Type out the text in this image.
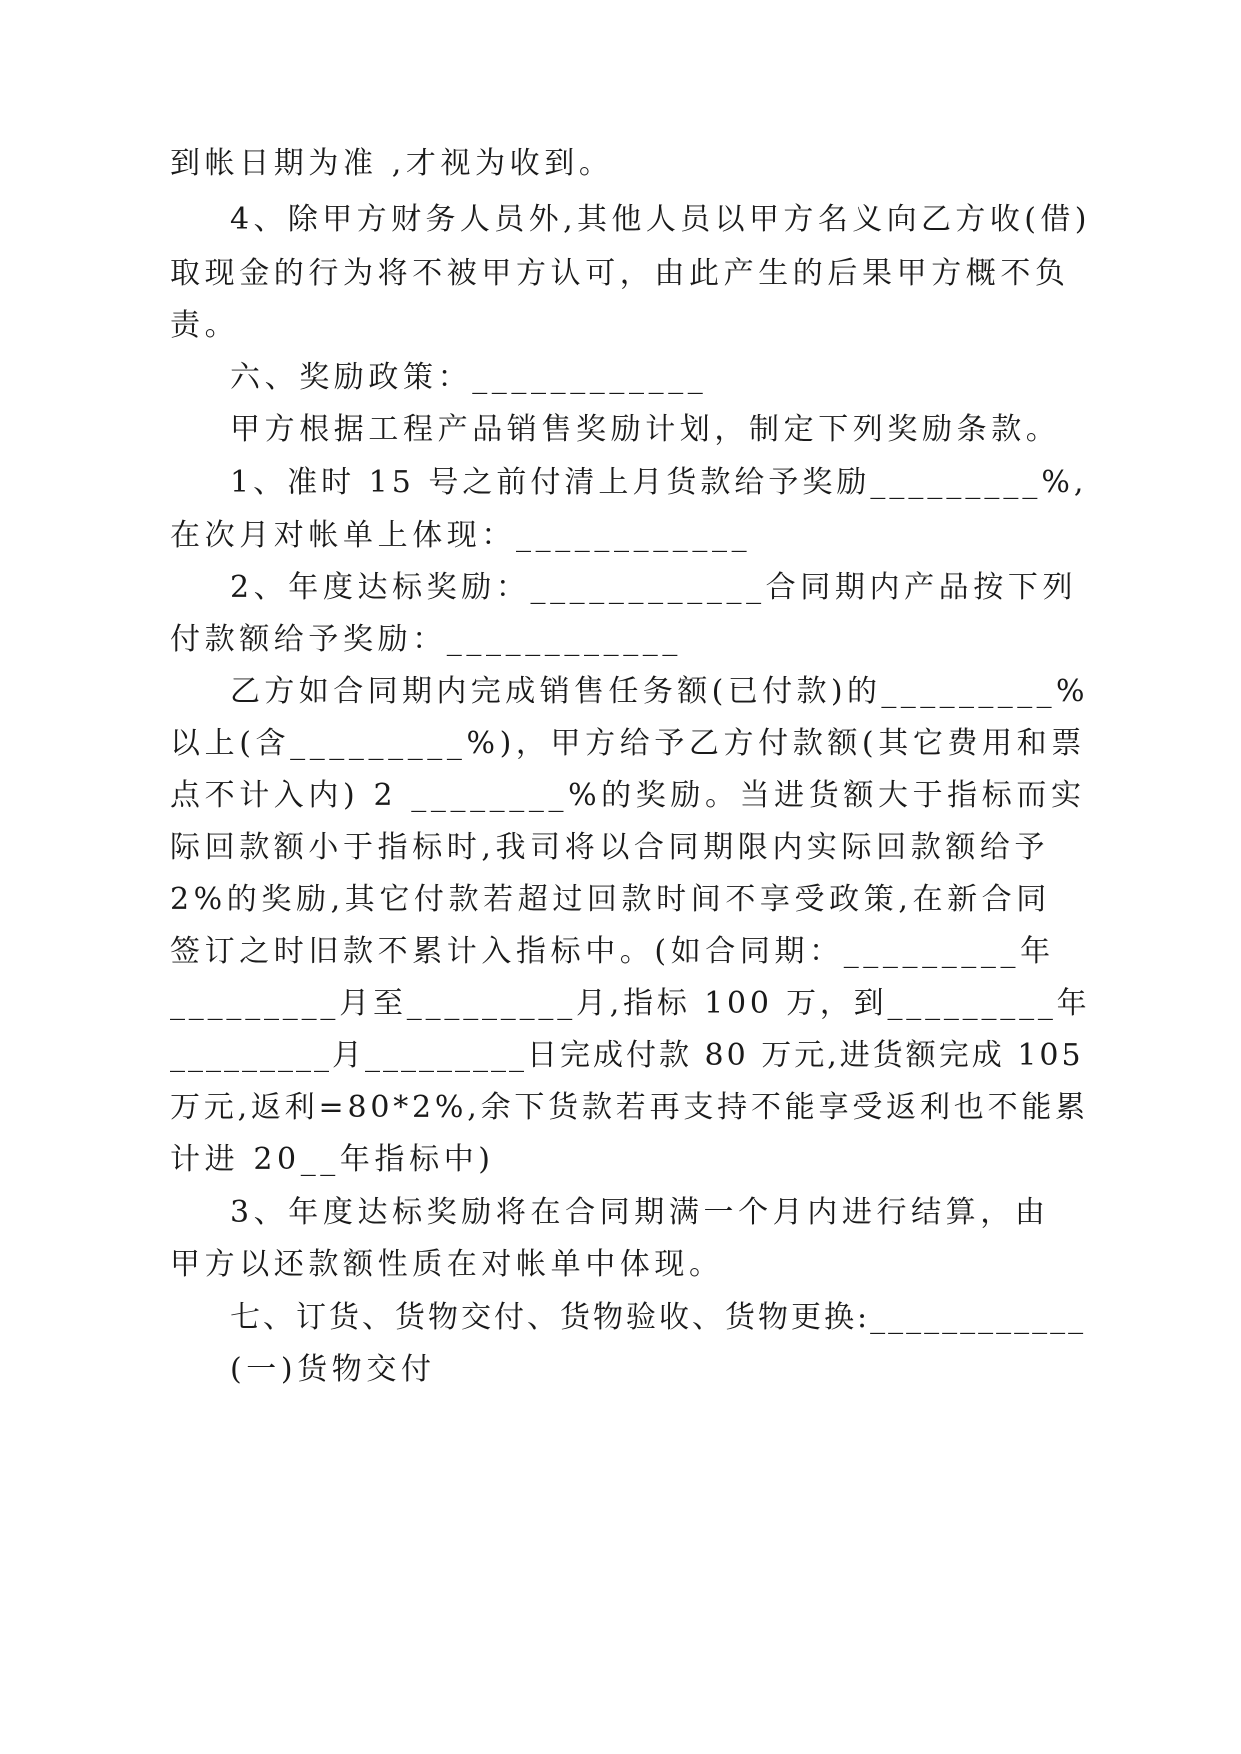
到帐日期为准 ,才视为收到。
4、除甲方财务人员外,其他人员以甲方名义向乙方收(借)
取现金的行为将不被甲方认可，由此产生的后果甲方概不负
责。
六、奖励政策：____________
甲方根据工程产品销售奖励计划，制定下列奖励条款。
1、准时 15 号之前付清上月货款给予奖励_________%,
在次月对帐单上体现：____________
2、年度达标奖励：____________合同期内产品按下列
付款额给予奖励：____________
乙方如合同期内完成销售任务额(已付款)的_________%
以上(含_________%)，甲方给予乙方付款额(其它费用和票
点不计入内) 2 ________%的奖励。当进货额大于指标而实
际回款额小于指标时,我司将以合同期限内实际回款额给予
2%的奖励,其它付款若超过回款时间不享受政策,在新合同
签订之时旧款不累计入指标中。(如合同期：_________年
_________月至_________月,指标 100 万，到_________年
_________月_________日完成付款 80 万元,进货额完成 105
万元,返利=80*2%,余下货款若再支持不能享受返利也不能累
计进 20__年指标中)
3、年度达标奖励将在合同期满一个月内进行结算，由
甲方以还款额性质在对帐单中体现。
七、订货、货物交付、货物验收、货物更换:____________
(一)货物交付
